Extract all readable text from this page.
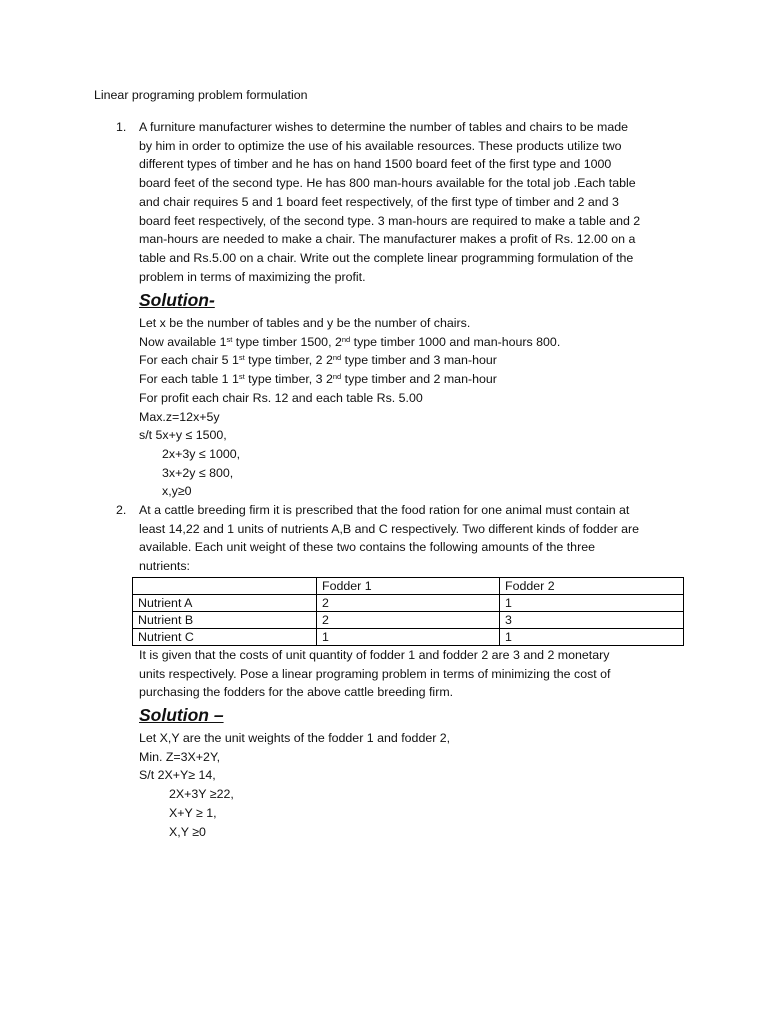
Linear programing problem formulation
1. A furniture manufacturer wishes to determine the number of tables and chairs to be made
by him in order to optimize the use of his available resources. These products utilize two
different types of timber and he has on hand 1500 board feet of the first type and 1000
board feet of the second type. He has 800 man-hours available for the total job .Each table
and chair requires 5 and 1 board feet respectively, of the first type of timber and 2 and 3
board feet respectively, of the second type. 3 man-hours are required to make a table and 2
man-hours are needed to make a chair. The manufacturer makes a profit of Rs. 12.00 on a
table and Rs.5.00 on a chair. Write out the complete linear programming formulation of the
problem in terms of maximizing the profit.
Solution-
Let x be the number of tables and y be the number of chairs.
Now available 1st type timber 1500, 2nd type timber 1000 and man-hours 800.
For each chair 5 1st type timber, 2 2nd type timber and 3 man-hour
For each table 1 1st type timber, 3 2nd type timber and 2 man-hour
For profit each chair Rs. 12 and each table Rs. 5.00
Max.z=12x+5y
s/t 5x+y ≤ 1500,
2x+3y ≤ 1000,
3x+2y ≤ 800,
x,y≥0
2. At a cattle breeding firm it is prescribed that the food ration for one animal must contain at
least 14,22 and 1 units of nutrients A,B and C respectively. Two different kinds of fodder are
available. Each unit weight of these two contains the following amounts of the three
nutrients:
	Fodder 1	Fodder 2
Nutrient A	2	1
Nutrient B	2	3
Nutrient C	1	1
It is given that the costs of unit quantity of fodder 1 and fodder 2 are 3 and 2 monetary
units respectively. Pose a linear programing problem in terms of minimizing the cost of
purchasing the fodders for the above cattle breeding firm.
Solution –
Let X,Y are the unit weights of the fodder 1 and fodder 2,
Min. Z=3X+2Y,
S/t 2X+Y≥ 14,
2X+3Y ≥22,
X+Y ≥ 1,
X,Y ≥0
